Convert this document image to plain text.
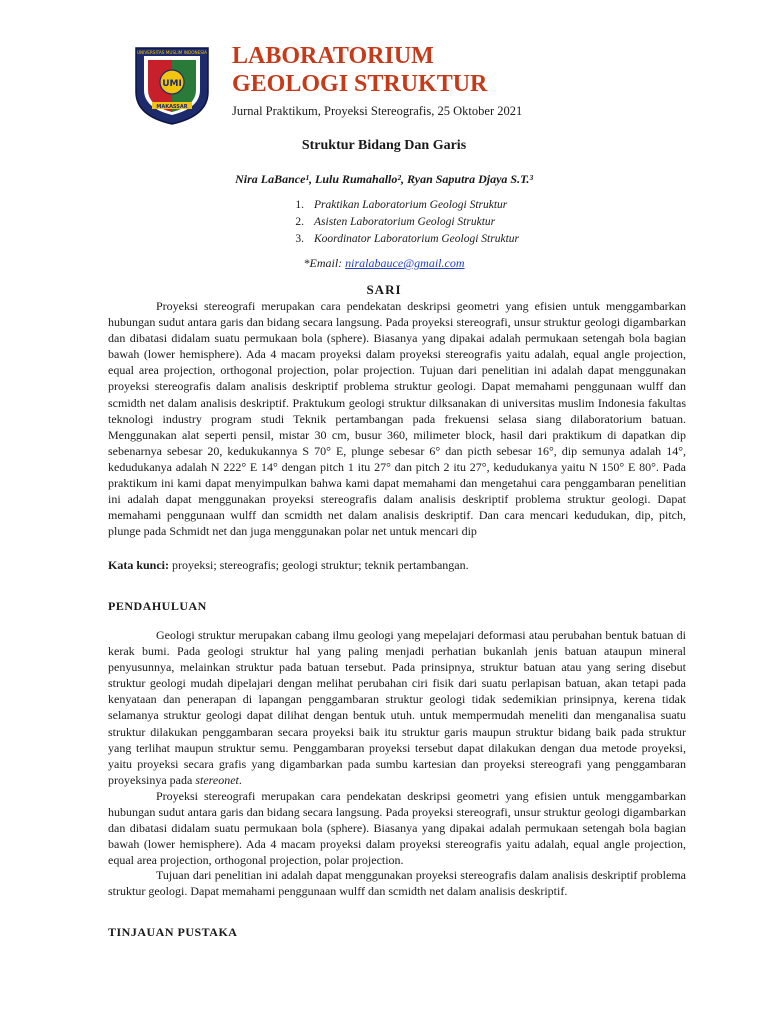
UMI
UNIVERSITAS MUSLIM INDONESIA
MAKASSAR
LABORATORIUM
GEOLOGI STRUKTUR
Jurnal Praktikum, Proyeksi Stereografis, 25 Oktober 2021
Struktur Bidang Dan Garis
Nira LaBance¹, Lulu Rumahallo², Ryan Saputra Djaya S.T.³
1. Praktikan Laboratorium Geologi Struktur
2. Asisten Laboratorium Geologi Struktur
3. Koordinator Laboratorium Geologi Struktur
*Email: niralabauce@gmail.com
SARI
Proyeksi stereografi merupakan cara pendekatan deskripsi geometri yang efisien untuk menggambarkan hubungan sudut antara garis dan bidang secara langsung. Pada proyeksi stereografi, unsur struktur geologi digambarkan dan dibatasi didalam suatu permukaan bola (sphere). Biasanya yang dipakai adalah permukaan setengah bola bagian bawah (lower hemisphere). Ada 4 macam proyeksi dalam proyeksi stereografis yaitu adalah, equal angle projection, equal area projection, orthogonal projection, polar projection. Tujuan dari penelitian ini adalah dapat menggunakan proyeksi stereografis dalam analisis deskriptif problema struktur geologi. Dapat memahami penggunaan wulff dan scmidth net dalam analisis deskriptif. Praktukum geologi struktur dilksanakan di universitas muslim Indonesia fakultas teknologi industry program studi Teknik pertambangan pada frekuensi selasa siang dilaboratorium batuan. Menggunakan alat seperti pensil, mistar 30 cm, busur 360, milimeter block, hasil dari praktikum di dapatkan dip sebenarnya sebesar 20, kedukukannya S 70° E, plunge sebesar 6° dan picth sebesar 16°, dip semunya adalah 14°, kedudukanya adalah N 222° E 14° dengan pitch 1 itu 27° dan pitch 2 itu 27°, kedudukanya yaitu N 150° E 80°. Pada praktikum ini kami dapat menyimpulkan bahwa kami dapat memahami dan mengetahui cara penggambaran penelitian ini adalah dapat menggunakan proyeksi stereografis dalam analisis deskriptif problema struktur geologi. Dapat memahami penggunaan wulff dan scmidth net dalam analisis deskriptif. Dan cara mencari kedudukan, dip, pitch, plunge pada Schmidt net dan juga menggunakan polar net untuk mencari dip
Kata kunci: proyeksi; stereografis; geologi struktur; teknik pertambangan.
PENDAHULUAN
Geologi struktur merupakan cabang ilmu geologi yang mepelajari deformasi atau perubahan bentuk batuan di kerak bumi. Pada geologi struktur hal yang paling menjadi perhatian bukanlah jenis batuan ataupun mineral penyusunnya, melainkan struktur pada batuan tersebut. Pada prinsipnya, struktur batuan atau yang sering disebut struktur geologi mudah dipelajari dengan melihat perubahan ciri fisik dari suatu perlapisan batuan, akan tetapi pada kenyataan dan penerapan di lapangan penggambaran struktur geologi tidak sedemikian prinsipnya, kerena tidak selamanya struktur geologi dapat dilihat dengan bentuk utuh. untuk mempermudah meneliti dan menganalisa suatu struktur dilakukan penggambaran secara proyeksi baik itu struktur garis maupun struktur bidang baik pada struktur yang terlihat maupun struktur semu. Penggambaran proyeksi tersebut dapat dilakukan dengan dua metode proyeksi, yaitu proyeksi secara grafis yang digambarkan pada sumbu kartesian dan proyeksi stereografi yang penggambaran proyeksinya pada stereonet.
Proyeksi stereografi merupakan cara pendekatan deskripsi geometri yang efisien untuk menggambarkan hubungan sudut antara garis dan bidang secara langsung. Pada proyeksi stereografi, unsur struktur geologi digambarkan dan dibatasi didalam suatu permukaan bola (sphere). Biasanya yang dipakai adalah permukaan setengah bola bagian bawah (lower hemisphere). Ada 4 macam proyeksi dalam proyeksi stereografis yaitu adalah, equal angle projection, equal area projection, orthogonal projection, polar projection.
Tujuan dari penelitian ini adalah dapat menggunakan proyeksi stereografis dalam analisis deskriptif problema struktur geologi. Dapat memahami penggunaan wulff dan scmidth net dalam analisis deskriptif.
TINJAUAN PUSTAKA
